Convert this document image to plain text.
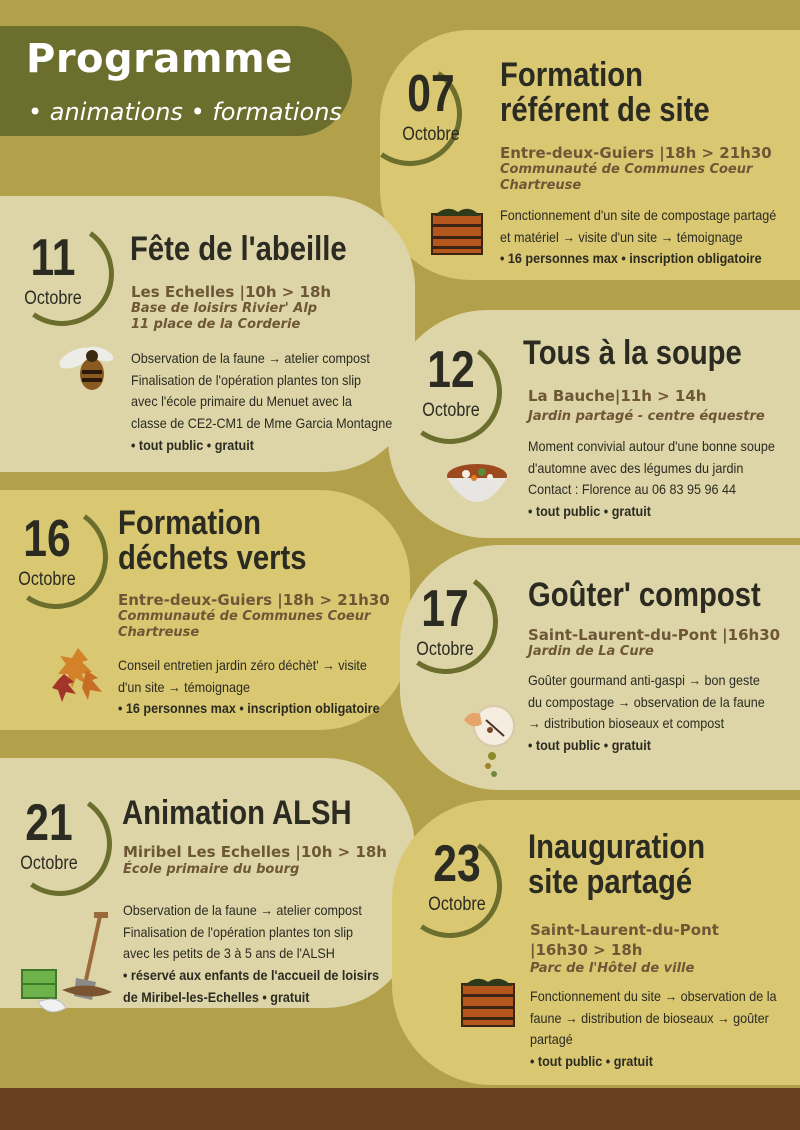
Programme
• animations • formations 07
Octobre
Formation
référent de site
Entre-deux-Guiers |18h > 21h30
Communauté de Communes Coeur
Chartreuse
Fonctionnement d'un site de compostage partagé
et matériel → visite d'un site → témoignage
• 16 personnes max • inscription obligatoire
11
Octobre
Fête de l'abeille
Les Echelles |10h > 18h
Base de loisirs Rivier' Alp
11 place de la Corderie
Observation de la faune → atelier compost
Finalisation de l'opération plantes ton slip
avec l'école primaire du Menuet avec la
classe de CE2-CM1 de Mme Garcia Montagne
• tout public • gratuit
12
Octobre
Tous à la soupe
La Bauche|11h > 14h
Jardin partagé - centre équestre
Moment convivial autour d'une bonne soupe
d'automne avec des légumes du jardin
Contact : Florence au 06 83 95 96 44
• tout public • gratuit
16
Octobre
Formation
déchets verts
Entre-deux-Guiers |18h > 21h30
Communauté de Communes Coeur
Chartreuse
Conseil entretien jardin zéro déchèt' → visite
d'un site → témoignage
• 16 personnes max • inscription obligatoire
17
Octobre
Goûter' compost
Saint-Laurent-du-Pont |16h30
Jardin de La Cure
Goûter gourmand anti-gaspi → bon geste
du compostage → observation de la faune
→ distribution bioseaux et compost
• tout public • gratuit
21
Octobre
Animation ALSH
Miribel Les Echelles |10h > 18h
École primaire du bourg
Observation de la faune → atelier compost
Finalisation de l'opération plantes ton slip
avec les petits de 3 à 5 ans de l'ALSH
• réservé aux enfants de l'accueil de loisirs
de Miribel-les-Echelles • gratuit
23
Octobre
Inauguration
site partagé
Saint-Laurent-du-Pont
|16h30 > 18h
Parc de l'Hôtel de ville
Fonctionnement du site → observation de la
faune → distribution de bioseaux → goûter
partagé
• tout public • gratuit
